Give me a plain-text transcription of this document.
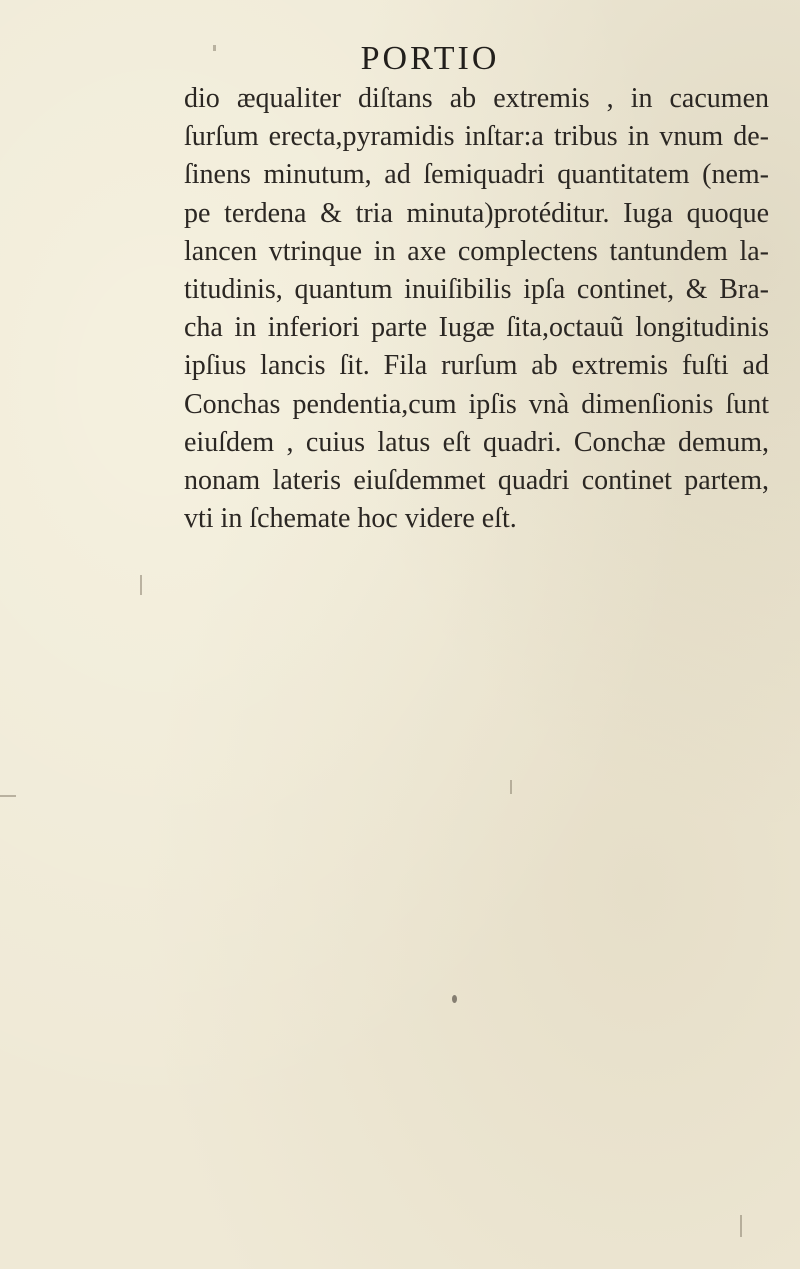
PORTIO
dio æqualiter diſtans ab extremis , in cacumen
ſurſum erecta,pyramidis inſtar:a tribus in vnum de-
ſinens minutum, ad ſemiquadri quantitatem (nem-
pe terdena & tria minuta)protéditur. Iuga quoque
lancen vtrinque in axe complectens tantundem la-
titudinis, quantum inuiſibilis ipſa continet, & Bra-
cha in inferiori parte Iugæ ſita,octauũ longitudinis
ipſius lancis ſit. Fila rurſum ab extremis fuſti ad
Conchas pendentia,cum ipſis vnà dimenſionis ſunt
eiuſdem , cuius latus eſt quadri. Conchæ demum,
nonam lateris eiuſdemmet quadri continet partem,
vti in ſchemate hoc videre eſt.
